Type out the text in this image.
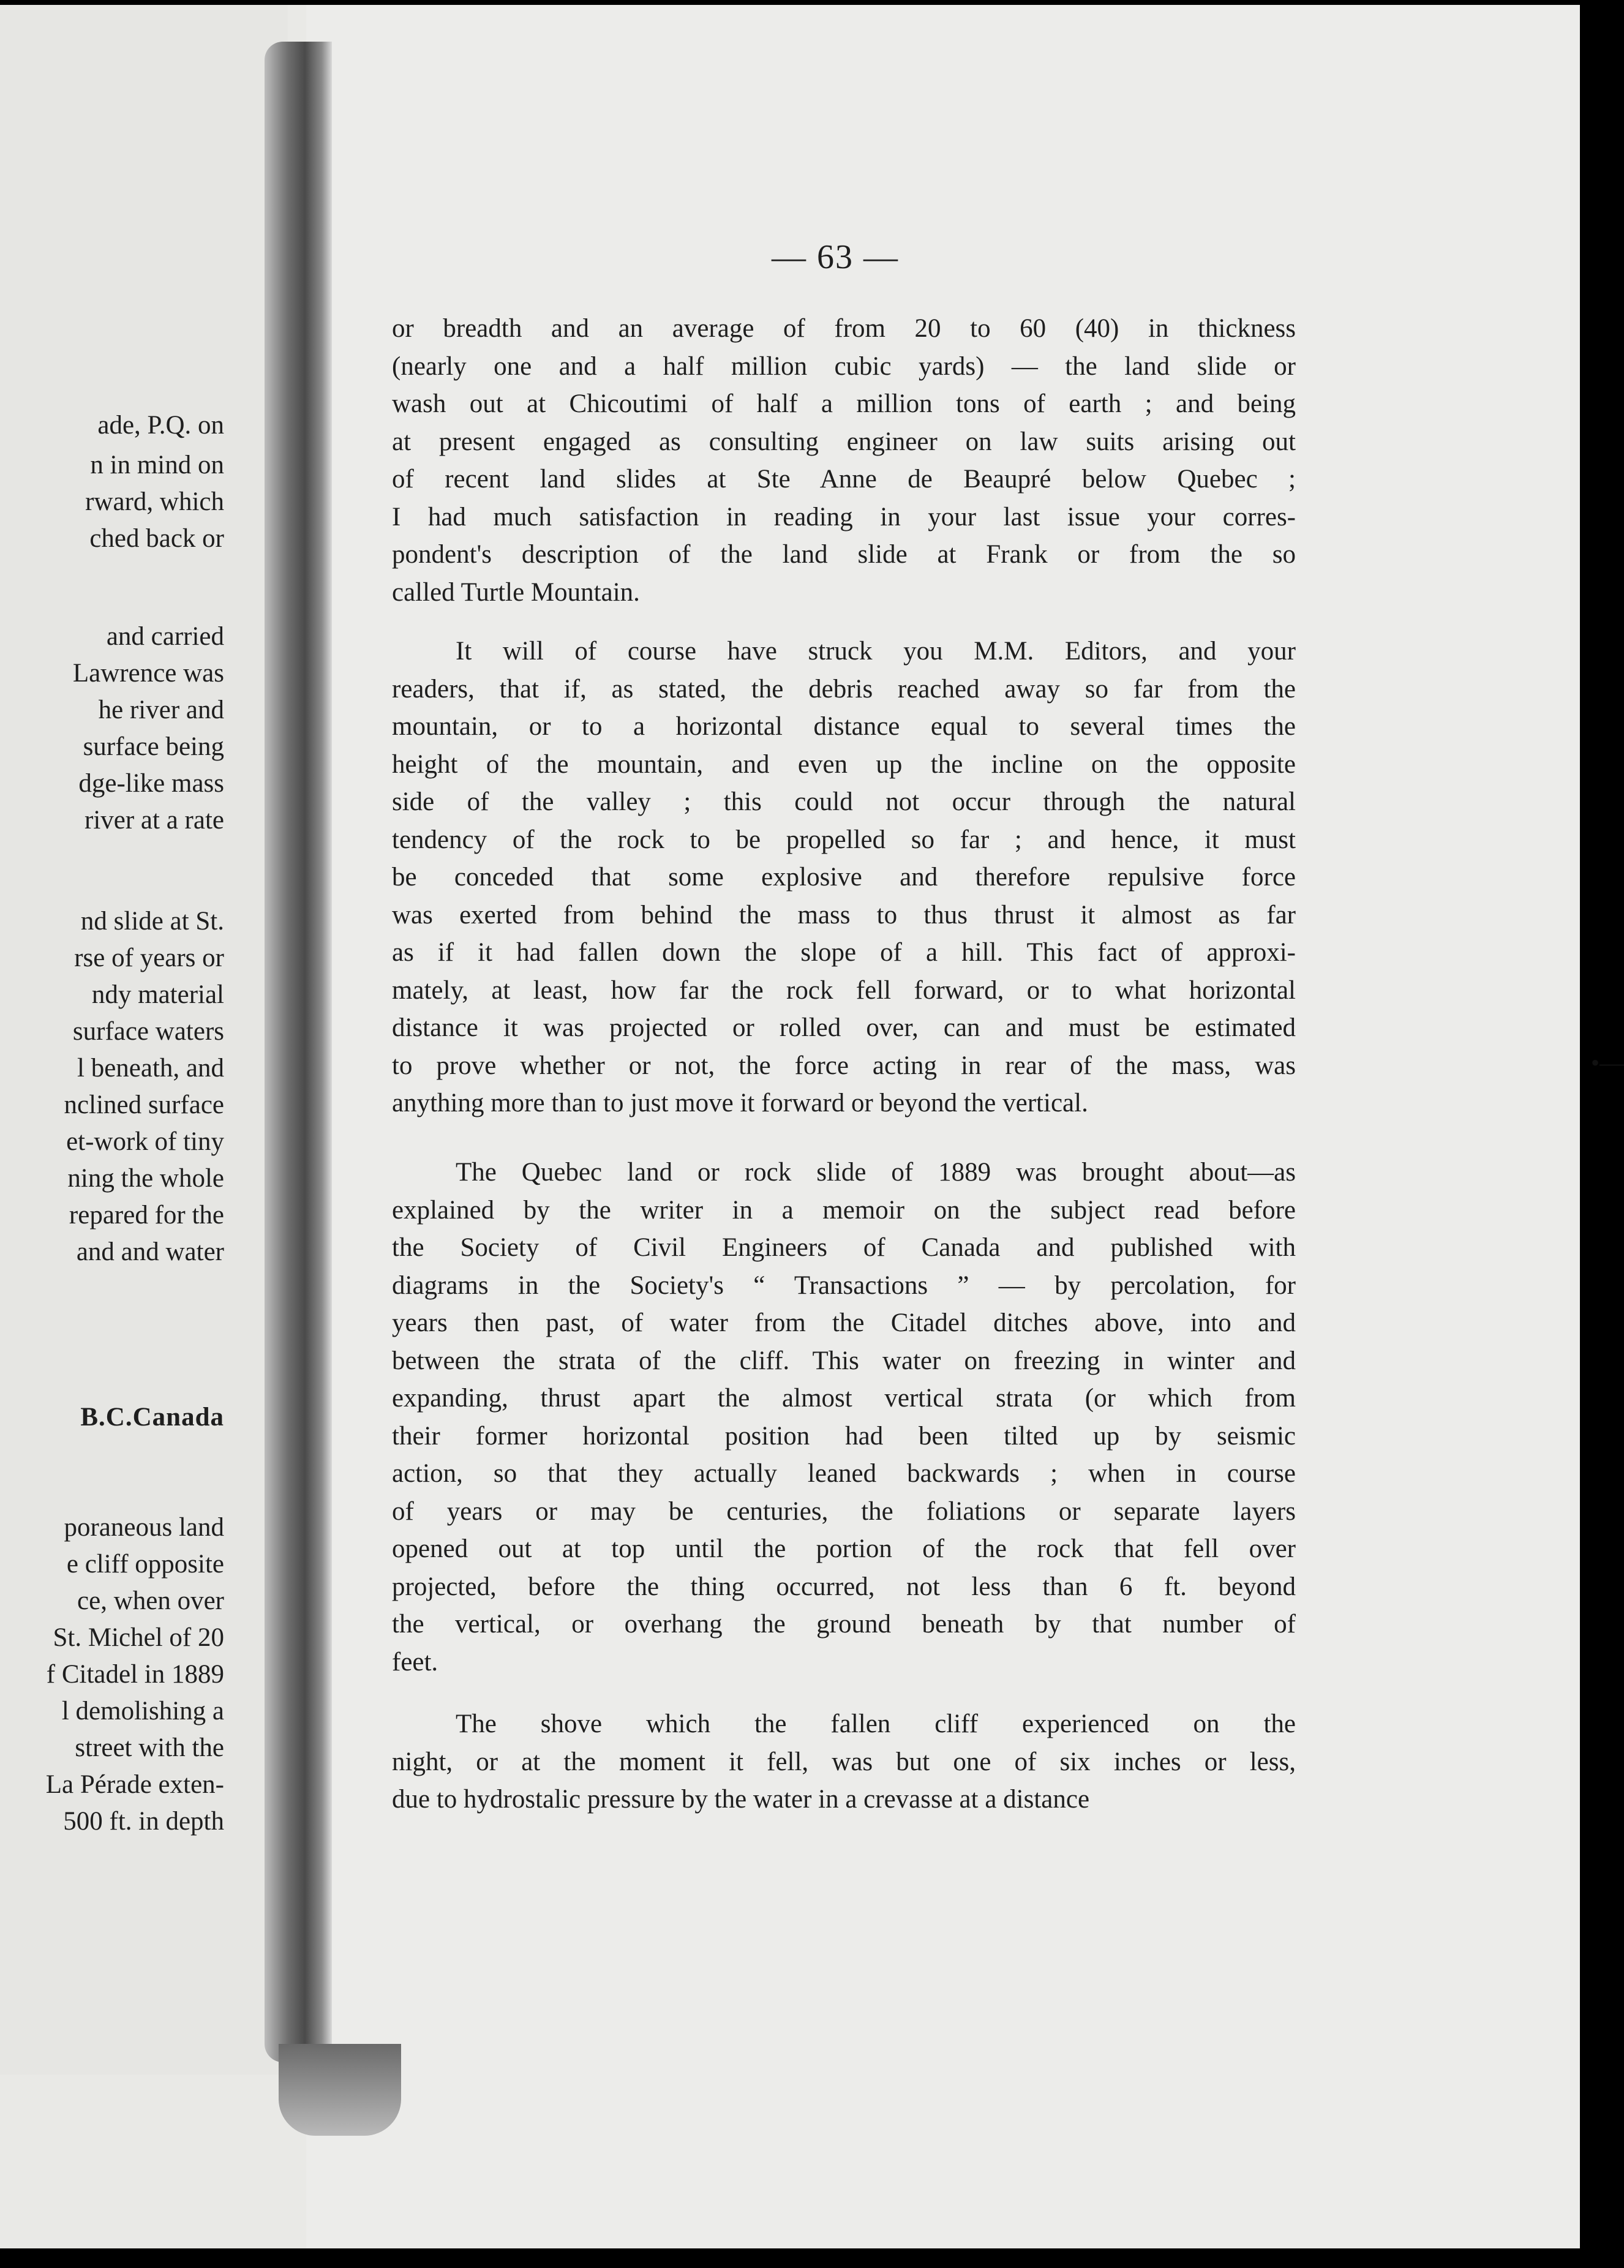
ade, P.Q. on
n in mind on
rward, which
ched back or
and carried
Lawrence was
he river and
surface being
dge-like mass
river at a rate
nd slide at St.
rse of years or
ndy material
surface waters
l beneath, and
nclined surface
et-work of tiny
ning the whole
repared for the
and and water
B.C.Canada
poraneous land
e cliff opposite
ce, when over
St. Michel of 20
f Citadel in 1889
l demolishing a
street with the
La Pérade exten-
500 ft. in depth
— 63 —
or breadth and an average of from 20 to 60 (40) in thickness
(nearly one and a half million cubic yards) — the land slide or
wash out at Chicoutimi of half a million tons of earth ; and being
at present engaged as consulting engineer on law suits arising out
of recent land slides at Ste Anne de Beaupré below Quebec ;
I had much satisfaction in reading in your last issue your corres-
pondent's description of the land slide at Frank or from the so
called Turtle Mountain.
It will of course have struck you M.M. Editors, and your
readers, that if, as stated, the debris reached away so far from the
mountain, or to a horizontal distance equal to several times the
height of the mountain, and even up the incline on the opposite
side of the valley ; this could not occur through the natural
tendency of the rock to be propelled so far ; and hence, it must
be conceded that some explosive and therefore repulsive force
was exerted from behind the mass to thus thrust it almost as far
as if it had fallen down the slope of a hill. This fact of approxi-
mately, at least, how far the rock fell forward, or to what horizontal
distance it was projected or rolled over, can and must be estimated
to prove whether or not, the force acting in rear of the mass, was
anything more than to just move it forward or beyond the vertical.
The Quebec land or rock slide of 1889 was brought about—as
explained by the writer in a memoir on the subject read before
the Society of Civil Engineers of Canada and published with
diagrams in the Society's “ Transactions ” — by percolation, for
years then past, of water from the Citadel ditches above, into and
between the strata of the cliff. This water on freezing in winter and
expanding, thrust apart the almost vertical strata (or which from
their former horizontal position had been tilted up by seismic
action, so that they actually leaned backwards ; when in course
of years or may be centuries, the foliations or separate layers
opened out at top until the portion of the rock that fell over
projected, before the thing occurred, not less than 6 ft. beyond
the vertical, or overhang the ground beneath by that number of
feet.
The shove which the fallen cliff experienced on the
night, or at the moment it fell, was but one of six inches or less,
due to hydrostalic pressure by the water in a crevasse at a distance
•—
